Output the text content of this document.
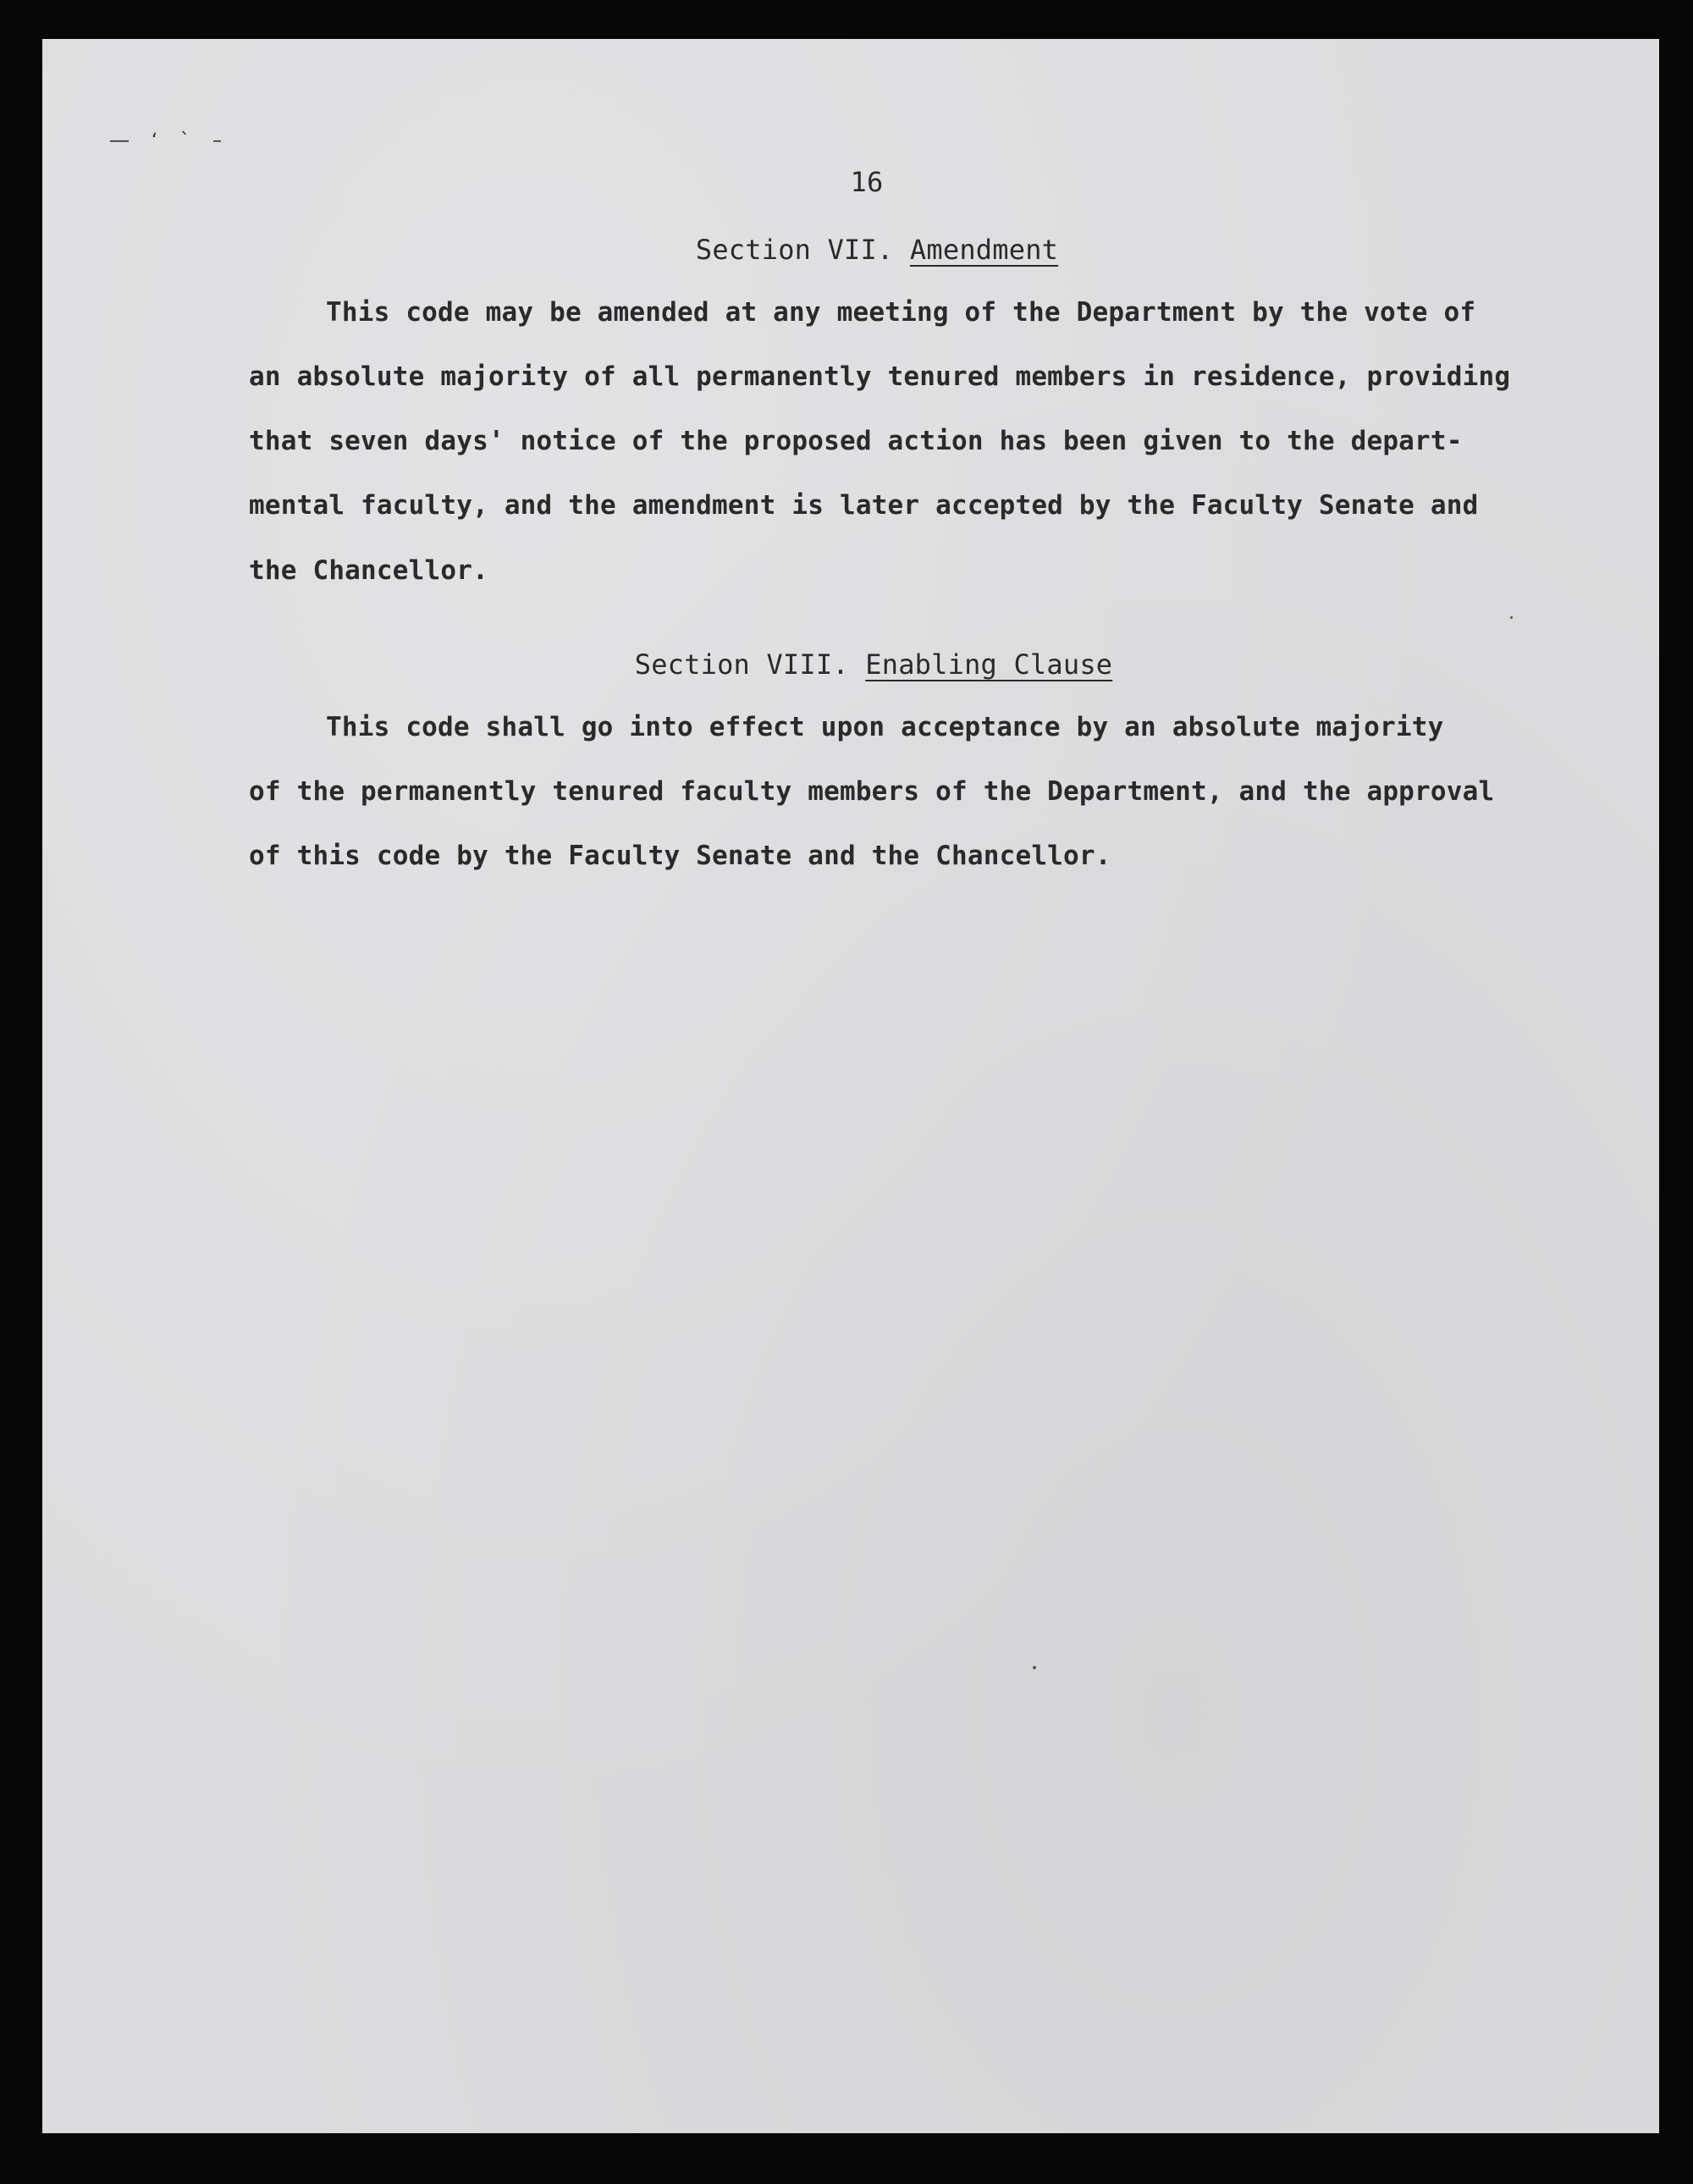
― ʻ ˋ –
16
Section VII. Amendment
This code may be amended at any meeting of the Department by the vote of
an absolute majority of all permanently tenured members in residence, providing
that seven days' notice of the proposed action has been given to the depart-
mental faculty, and the amendment is later accepted by the Faculty Senate and
the Chancellor.
Section VIII. Enabling Clause
This code shall go into effect upon acceptance by an absolute majority
of the permanently tenured faculty members of the Department, and the approval
of this code by the Faculty Senate and the Chancellor.
